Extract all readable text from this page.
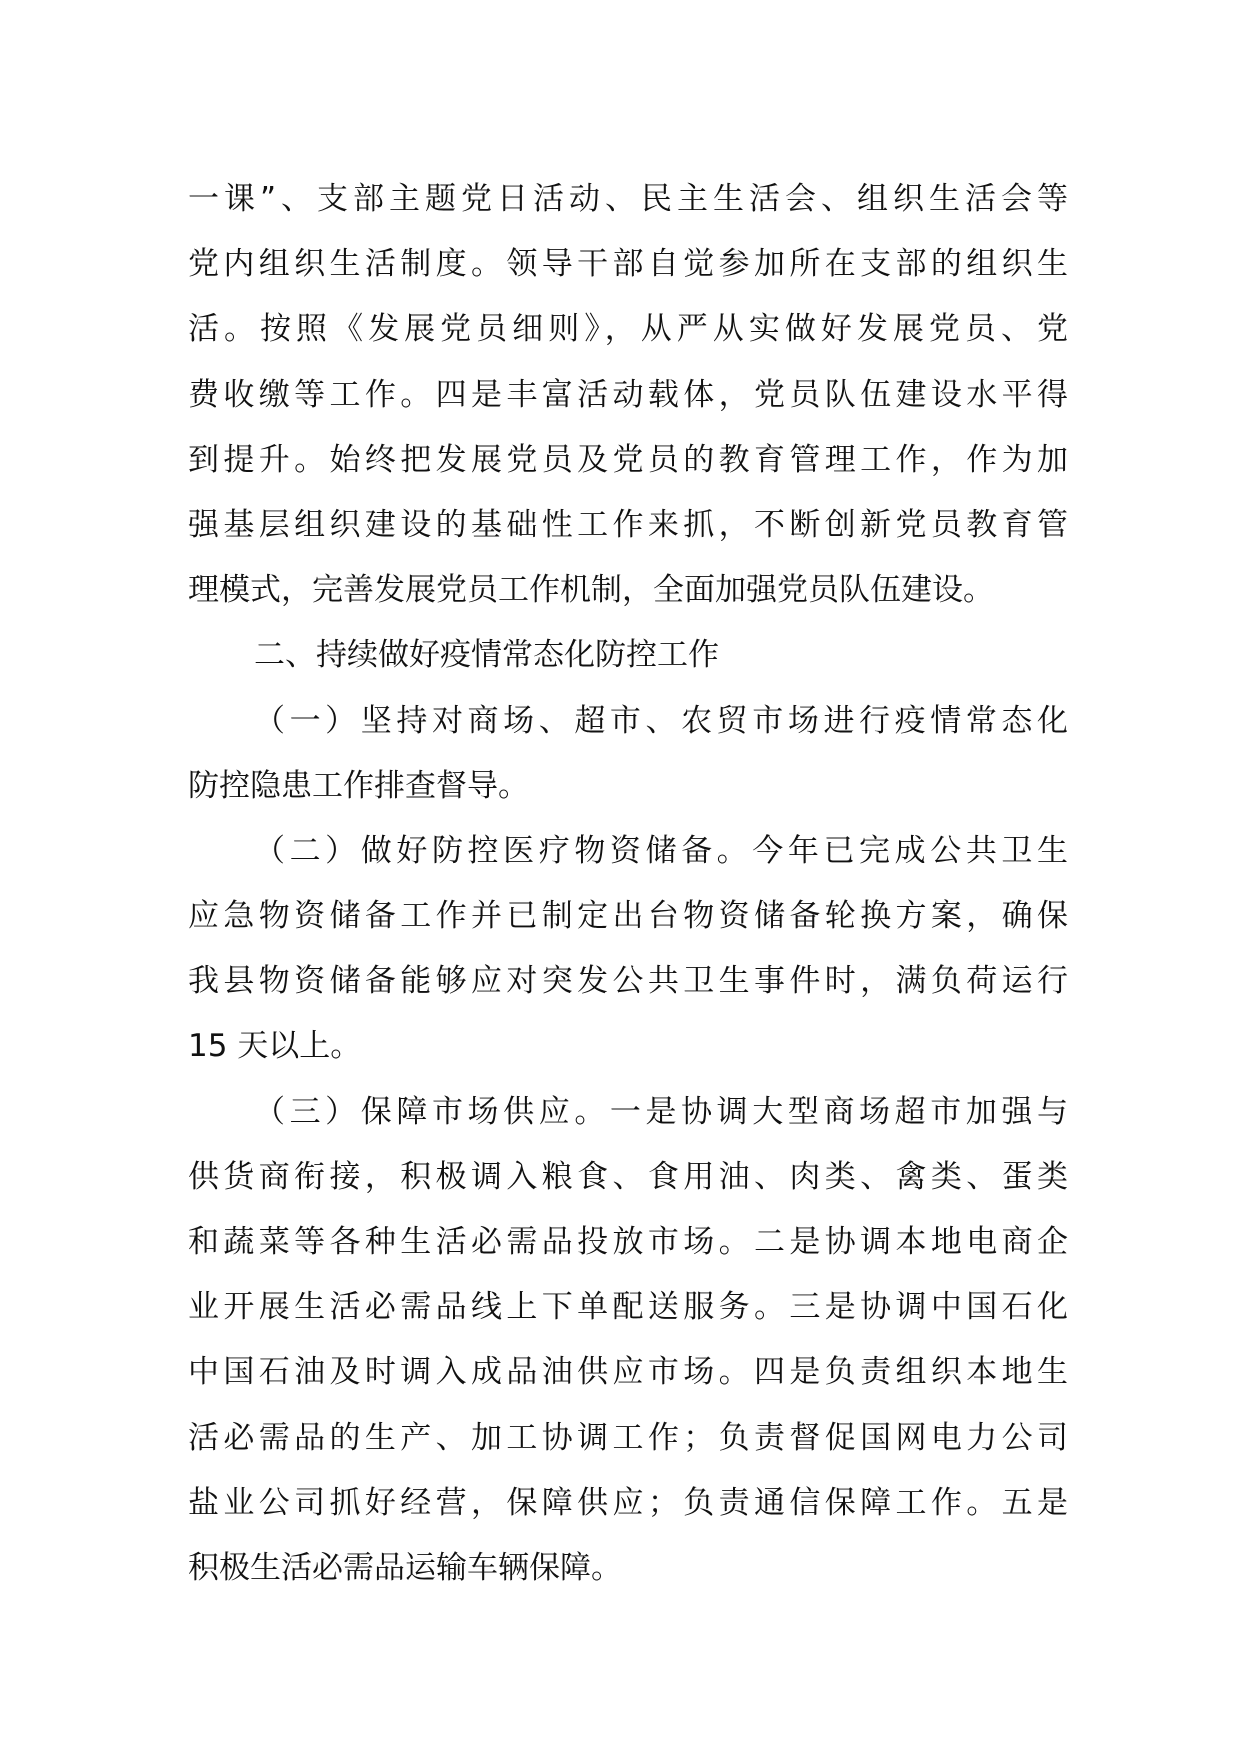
一课”、支部主题党日活动、民主生活会、组织生活会等
党内组织生活制度。领导干部自觉参加所在支部的组织生
活。按照《发展党员细则》，从严从实做好发展党员、党
费收缴等工作。四是丰富活动载体，党员队伍建设水平得
到提升。始终把发展党员及党员的教育管理工作，作为加
强基层组织建设的基础性工作来抓，不断创新党员教育管
理模式，完善发展党员工作机制，全面加强党员队伍建设。
二、持续做好疫情常态化防控工作
（一）坚持对商场、超市、农贸市场进行疫情常态化
防控隐患工作排查督导。
（二）做好防控医疗物资储备。今年已完成公共卫生
应急物资储备工作并已制定出台物资储备轮换方案，确保
我县物资储备能够应对突发公共卫生事件时，满负荷运行
15 天以上。
（三）保障市场供应。一是协调大型商场超市加强与
供货商衔接，积极调入粮食、食用油、肉类、禽类、蛋类
和蔬菜等各种生活必需品投放市场。二是协调本地电商企
业开展生活必需品线上下单配送服务。三是协调中国石化
中国石油及时调入成品油供应市场。四是负责组织本地生
活必需品的生产、加工协调工作；负责督促国网电力公司
盐业公司抓好经营，保障供应；负责通信保障工作。五是
积极生活必需品运输车辆保障。
